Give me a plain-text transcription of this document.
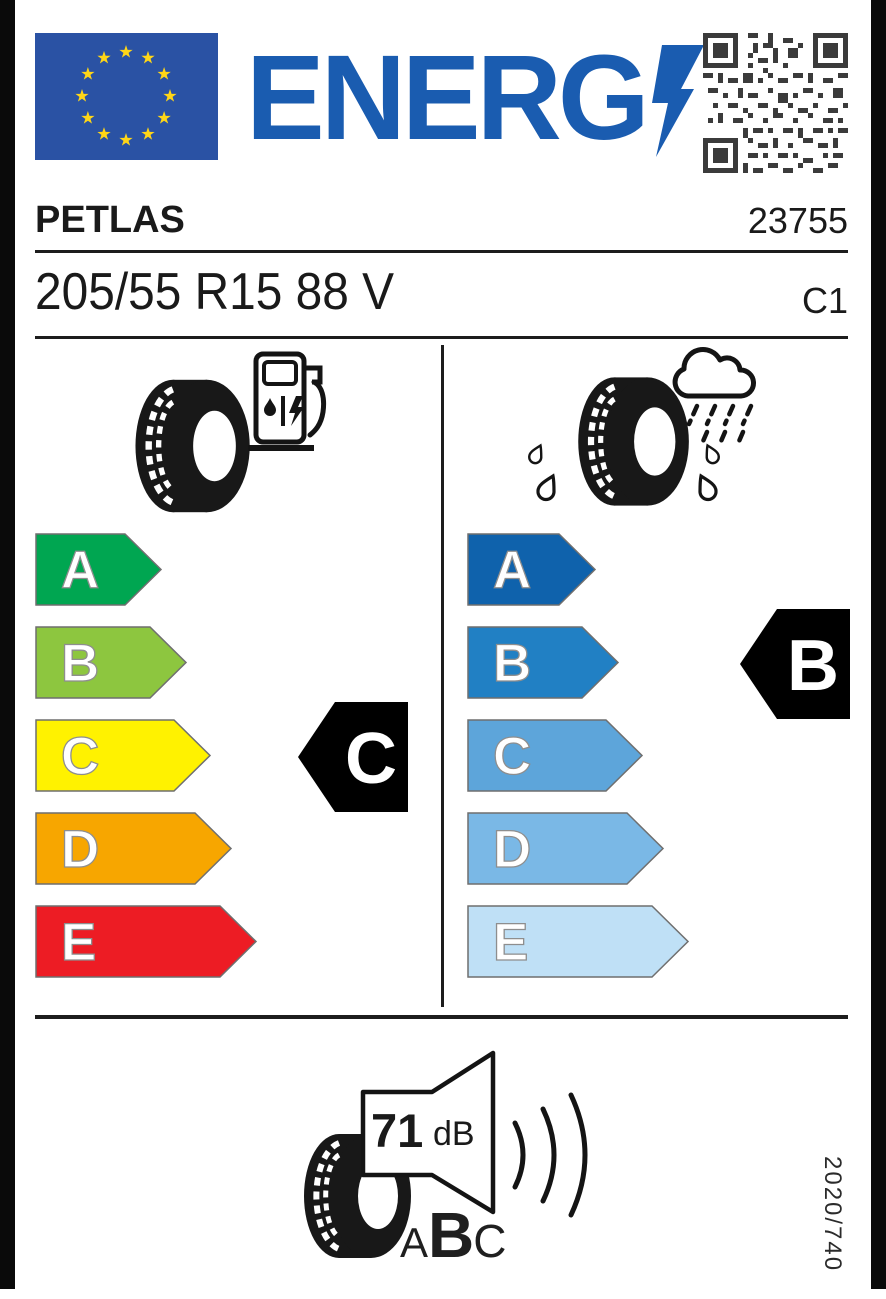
ENERG
PETLAS	23755
205/55 R15 88 V	C1
A
B
C
D
E
A
B
C
D
E
C
B
71 dB
ABC	2020/740
